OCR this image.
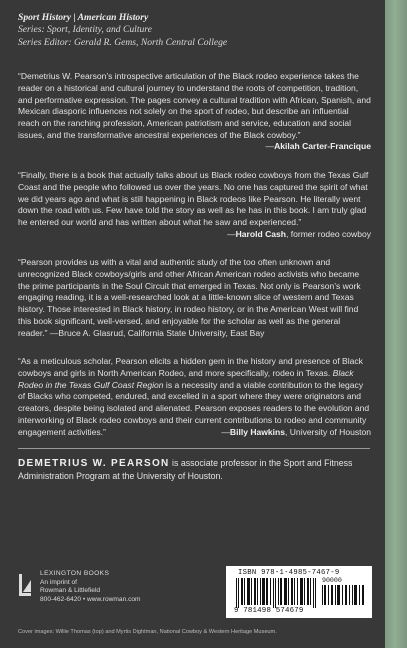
Sport History | American History
Series: Sport, Identity, and Culture
Series Editor: Gerald R. Gems, North Central College
“Demetrius W. Pearson’s introspective articulation of the Black rodeo experience takes the reader on a historical and cultural journey to understand the roots of competition, tradition, and performative expression. The pages convey a cultural tradition with African, Spanish, and Mexican diasporic influences not solely on the sport of rodeo, but describe an influential reach on the ranching profession, American patriotism and service, education and social issues, and the transformative ancestral experiences of the Black cowboy.”
—Akilah Carter-Francique
“Finally, there is a book that actually talks about us Black rodeo cowboys from the Texas Gulf Coast and the people who followed us over the years. No one has captured the spirit of what we did years ago and what is still happening in Black rodeos like Pearson. He literally went down the road with us. Few have told the story as well as he has in this book. I am truly glad he entered our world and has written about what he saw and experienced.”
—Harold Cash, former rodeo cowboy
“Pearson provides us with a vital and authentic study of the too often unknown and unrecognized Black cowboys/girls and other African American rodeo activists who became the prime participants in the Soul Circuit that emerged in Texas. Not only is Pearson’s work engaging reading, it is a well-researched look at a little-known slice of western and Texas history. Those interested in Black history, in rodeo history, or in the American West will find this book significant, well-versed, and enjoyable for the scholar as well as the general reader.” —Bruce A. Glasrud, California State University, East Bay
“As a meticulous scholar, Pearson elicits a hidden gem in the history and presence of Black cowboys and girls in North American Rodeo, and more specifically, rodeo in Texas. Black Rodeo in the Texas Gulf Coast Region is a necessity and a viable contribution to the legacy of Blacks who competed, endured, and excelled in a sport where they were originators and creators, despite being isolated and alienated. Pearson exposes readers to the evolution and interworking of Black rodeo cowboys and their current contributions to rodeo and community engagement activities.”	—Billy Hawkins, University of Houston
DEMETRIUS W. PEARSON is associate professor in the Sport and Fitness Administration Program at the University of Houston.
LEXINGTON BOOKS
An imprint of
Rowman & Littlefield
800-462-6420 • www.rowman.com
ISBN 978-1-4985-7467-9
90000
9 781498 574679
Cover images: Willie Thomas (top) and Myrtis Dightman, National Cowboy & Western Heritage Museum.
